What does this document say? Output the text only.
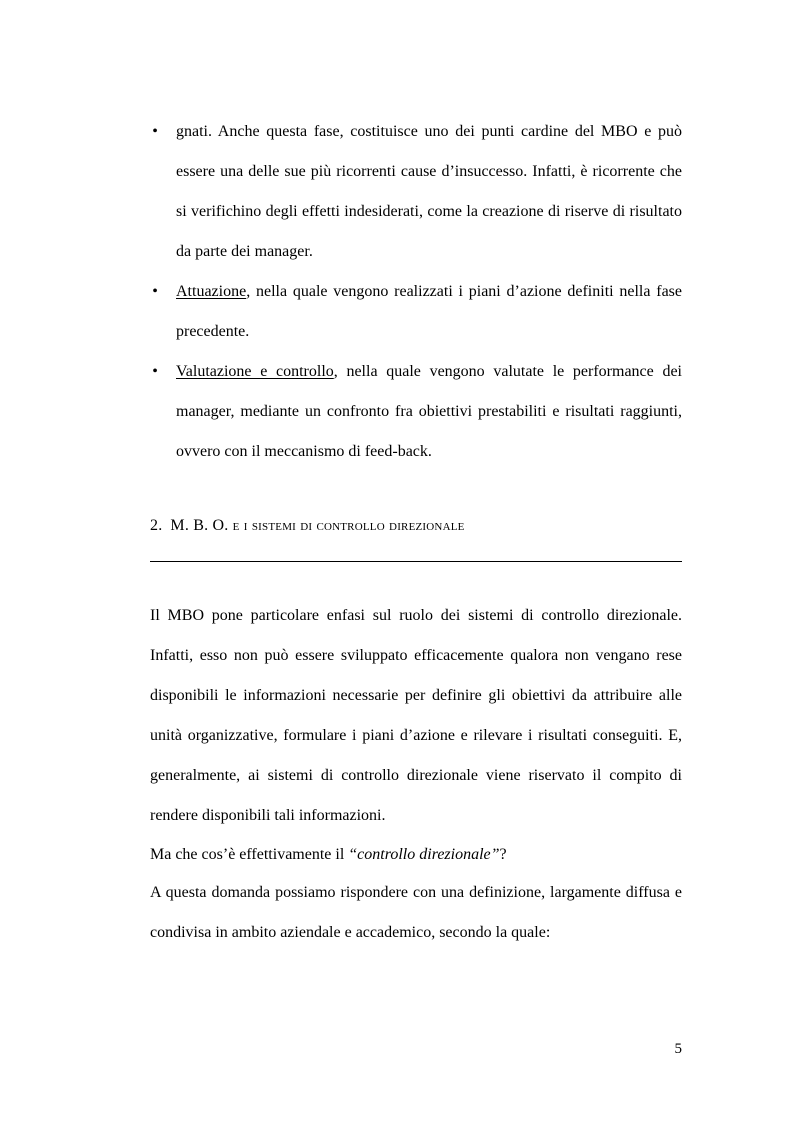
• gnati. Anche questa fase, costituisce uno dei punti cardine del MBO e può essere una delle sue più ricorrenti cause d’insuccesso. Infatti, è ricorrente che si verifichino degli effetti indesiderati, come la creazione di riserve di risultato da parte dei manager.
• Attuazione, nella quale vengono realizzati i piani d’azione definiti nella fase precedente.
• Valutazione e controllo, nella quale vengono valutate le performance dei manager, mediante un confronto fra obiettivi prestabiliti e risultati raggiunti, ovvero con il meccanismo di feed-back.
2. M. B. O. e i sistemi di controllo direzionale

Il MBO pone particolare enfasi sul ruolo dei sistemi di controllo direzionale. Infatti, esso non può essere sviluppato efficacemente qualora non vengano rese disponibili le informazioni necessarie per definire gli obiettivi da attribuire alle unità organizzative, formulare i piani d’azione e rilevare i risultati conseguiti. E, generalmente, ai sistemi di controllo direzionale viene riservato il compito di rendere disponibili tali informazioni.

Ma che cos’è effettivamente il “controllo direzionale”?

A questa domanda possiamo rispondere con una definizione, largamente diffusa e condivisa in ambito aziendale e accademico, secondo la quale:

5
